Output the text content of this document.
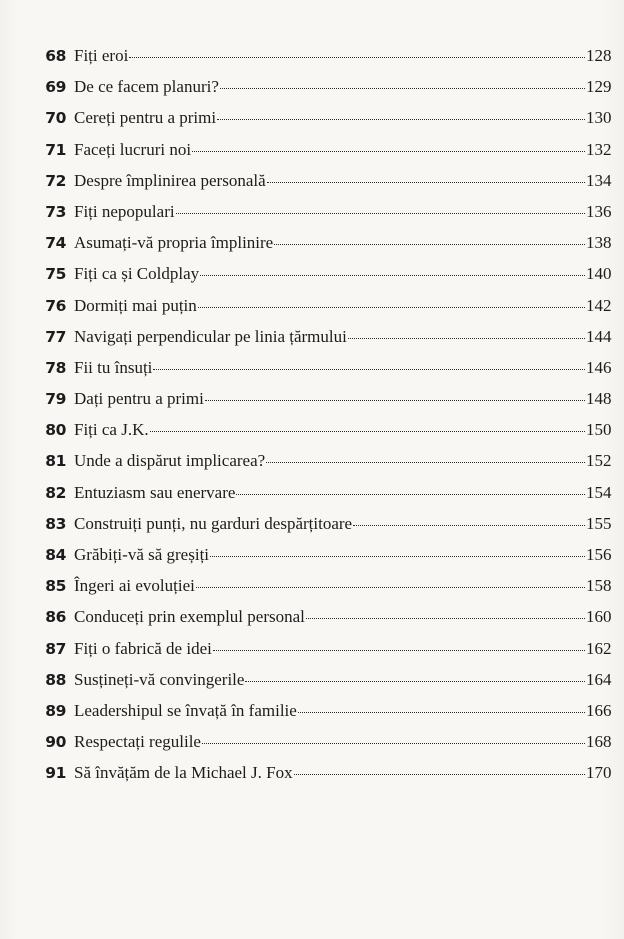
68 Fiți eroi	128
69 De ce facem planuri?	129
70 Cereți pentru a primi	130
71 Faceți lucruri noi	132
72 Despre împlinirea personală	134
73 Fiți nepopulari	136
74 Asumați-vă propria împlinire	138
75 Fiți ca și Coldplay	140
76 Dormiți mai puțin	142
77 Navigați perpendicular pe linia țărmului	144
78 Fii tu însuți	146
79 Dați pentru a primi	148
80 Fiți ca J.K.	150
81 Unde a dispărut implicarea?	152
82 Entuziasm sau enervare	154
83 Construiți punți, nu garduri despărțitoare	155
84 Grăbiți-vă să greșiți	156
85 Îngeri ai evoluției	158
86 Conduceți prin exemplul personal	160
87 Fiți o fabrică de idei	162
88 Susțineți-vă convingerile	164
89 Leadershipul se învață în familie	166
90 Respectați regulile	168
91 Să învățăm de la Michael J. Fox	170
